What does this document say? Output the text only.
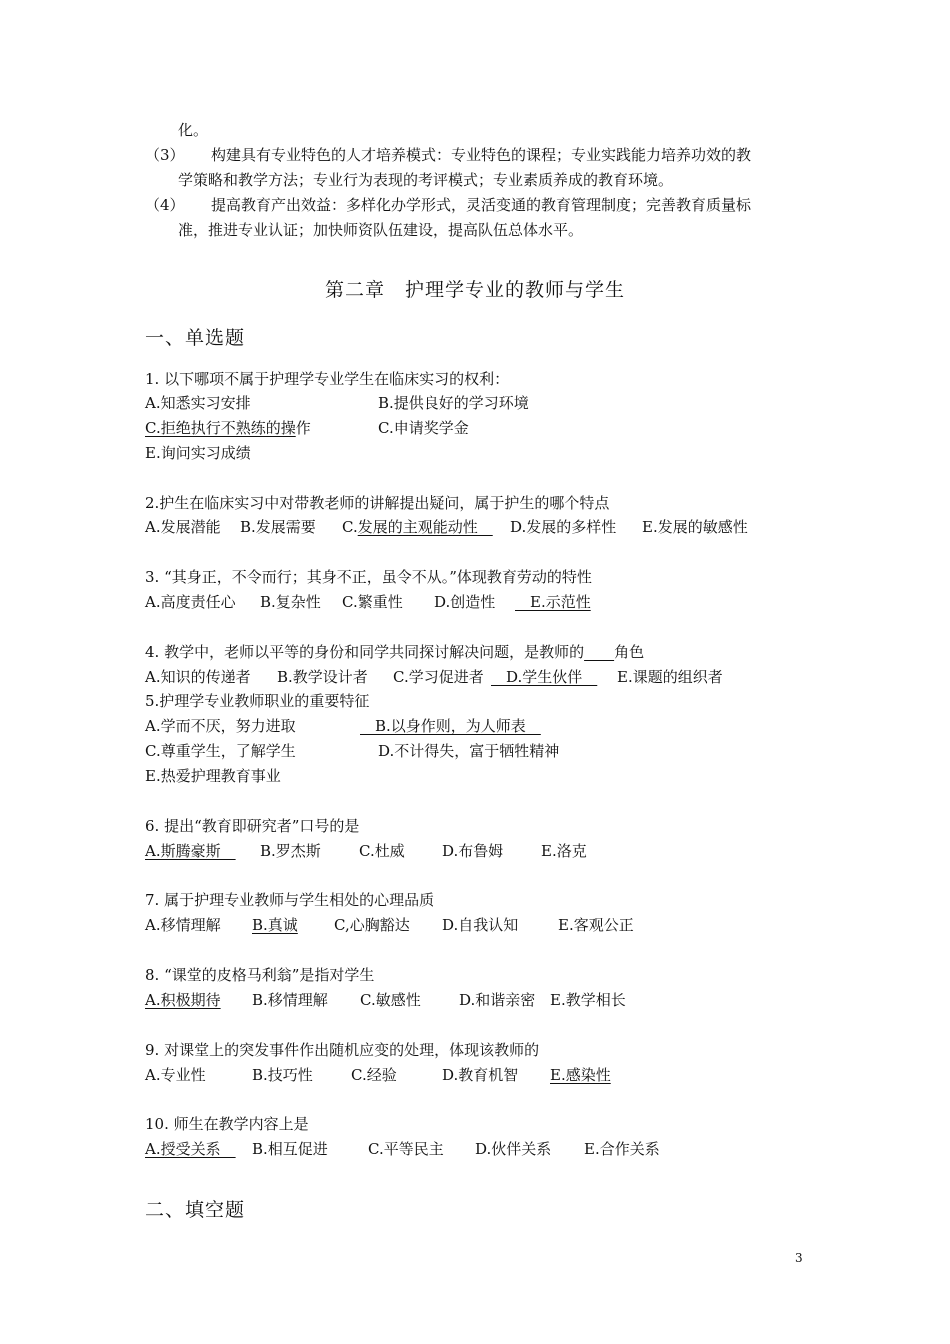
化。
（3） 构建具有专业特色的人才培养模式：专业特色的课程；专业实践能力培养功效的教
学策略和教学方法；专业行为表现的考评模式；专业素质养成的教育环境。
（4） 提高教育产出效益：多样化办学形式，灵活变通的教育管理制度；完善教育质量标
准，推进专业认证；加快师资队伍建设，提高队伍总体水平。
第二章　护理学专业的教师与学生
一、单选题
1. 以下哪项不属于护理学专业学生在临床实习的权利：
A.知悉实习安排	B.提供良好的学习环境
C.拒绝执行不熟练的操作	C.申请奖学金
E.询问实习成绩
2.护生在临床实习中对带教老师的讲解提出疑问，属于护生的哪个特点
A.发展潜能 B.发展需要 C.发展的主观能动性　 D.发展的多样性 E.发展的敏感性
3. “其身正，不令而行；其身不正，虽令不从。”体现教育劳动的特性
A.高度责任心 B.复杂性 C.繁重性 D.创造性 　E.示范性
4. 教学中，老师以平等的身份和同学共同探讨解决问题，是教师的　　 角色
A.知识的传递者 B.教学设计者 C.学习促进者 　D.学生伙伴　 E.课题的组织者
5.护理学专业教师职业的重要特征
A.学而不厌，努力进取	　B.以身作则，为人师表　
C.尊重学生，了解学生	D.不计得失，富于牺牲精神
E.热爱护理教育事业
6. 提出“教育即研究者”口号的是
A.斯腾豪斯　 B.罗杰斯	C.杜威 D.布鲁姆	E.洛克
7. 属于护理专业教师与学生相处的心理品质
A.移情理解 B.真诚 C,心胸豁达 D.自我认知	E.客观公正
8. “课堂的皮格马利翁”是指对学生
A.积极期待 B.移情理解 C.敏感性	D.和谐亲密 E.教学相长
9. 对课堂上的突发事件作出随机应变的处理，体现该教师的
A.专业性	B.技巧性	C.经验	D.教育机智 E.感染性
10. 师生在教学内容上是
A.授受关系　 B.相互促进	C.平等民主 D.伙伴关系 E.合作关系
二、填空题
3
